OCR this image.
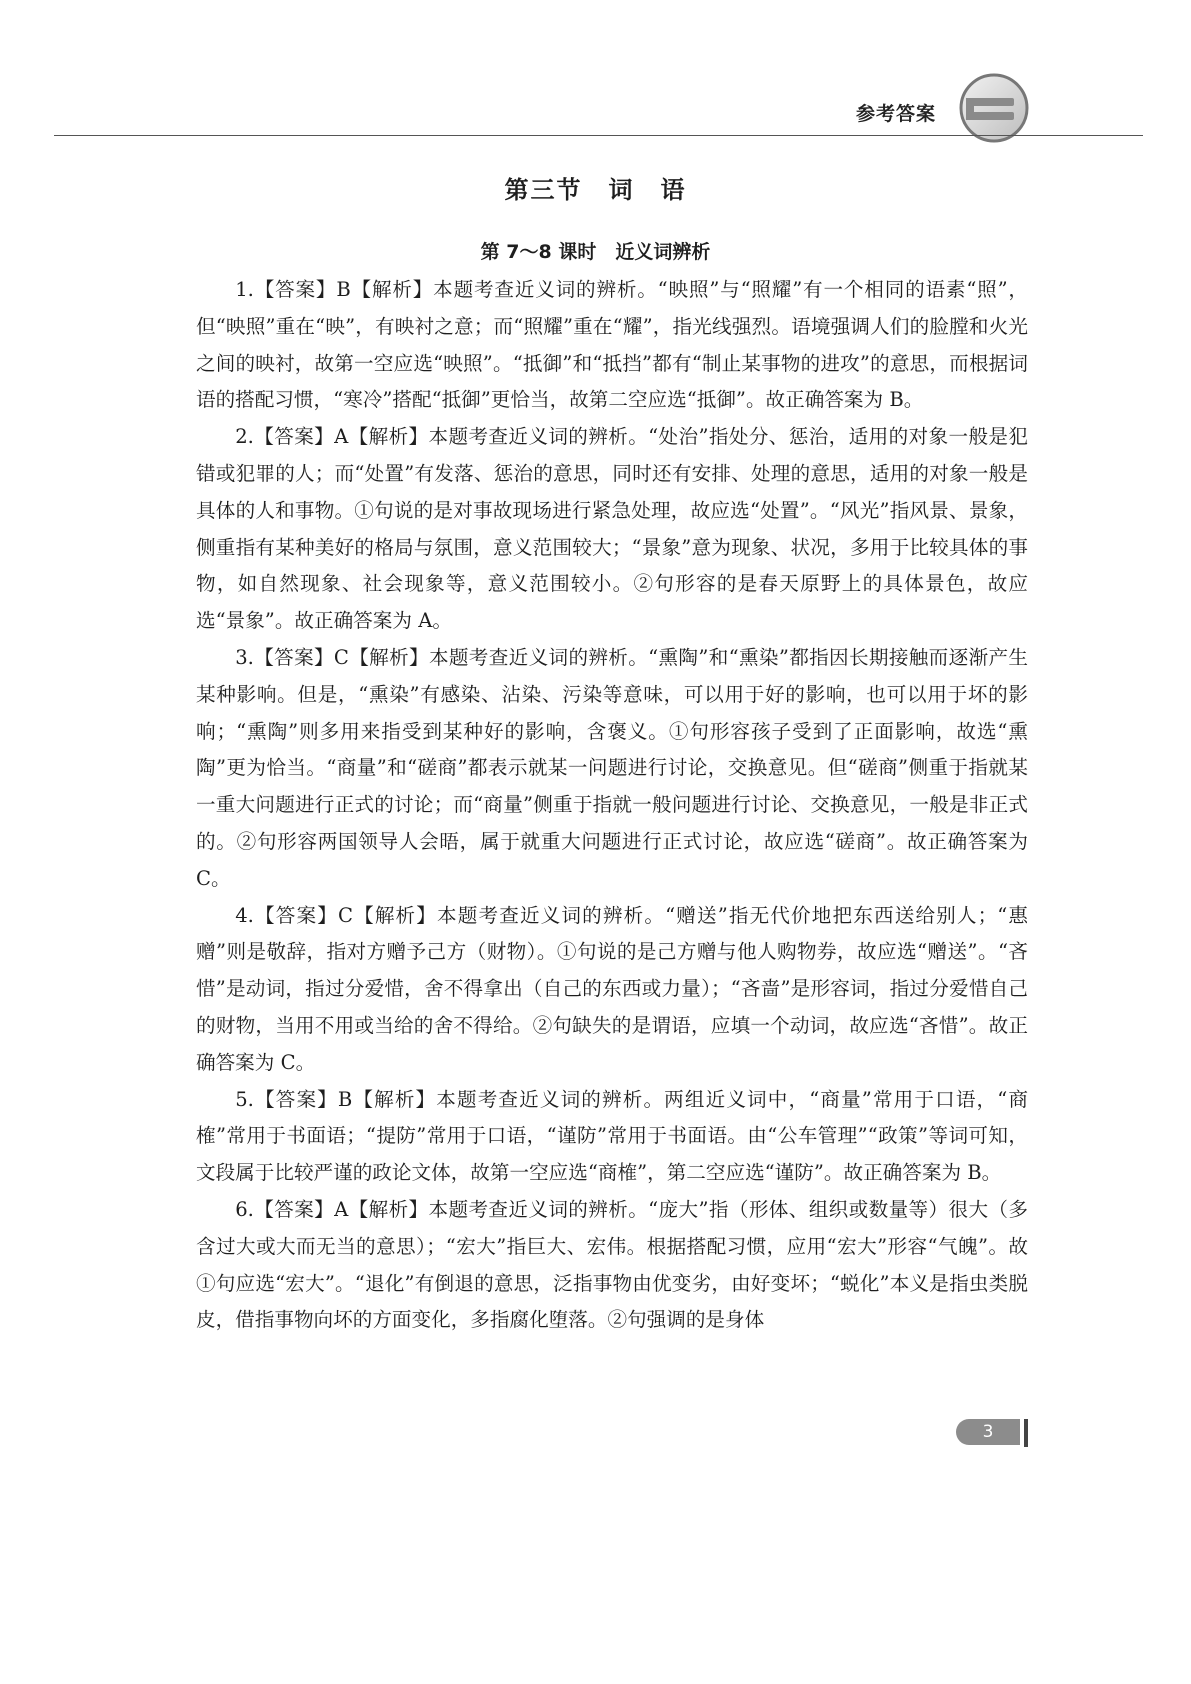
参考答案
第三节　词　语
第 7～8 课时　近义词辨析

1.【答案】B【解析】本题考查近义词的辨析。“映照”与“照耀”有一个相同的语素“照”，但“映照”重在“映”，有映衬之意；而“照耀”重在“耀”，指光线强烈。语境强调人们的脸膛和火光之间的映衬，故第一空应选“映照”。“抵御”和“抵挡”都有“制止某事物的进攻”的意思，而根据词语的搭配习惯，“寒冷”搭配“抵御”更恰当，故第二空应选“抵御”。故正确答案为 B。

2.【答案】A【解析】本题考查近义词的辨析。“处治”指处分、惩治，适用的对象一般是犯错或犯罪的人；而“处置”有发落、惩治的意思，同时还有安排、处理的意思，适用的对象一般是具体的人和事物。①句说的是对事故现场进行紧急处理，故应选“处置”。“风光”指风景、景象，侧重指有某种美好的格局与氛围，意义范围较大；“景象”意为现象、状况，多用于比较具体的事物，如自然现象、社会现象等，意义范围较小。②句形容的是春天原野上的具体景色，故应选“景象”。故正确答案为 A。

3.【答案】C【解析】本题考查近义词的辨析。“熏陶”和“熏染”都指因长期接触而逐渐产生某种影响。但是，“熏染”有感染、沾染、污染等意味，可以用于好的影响，也可以用于坏的影响；“熏陶”则多用来指受到某种好的影响，含褒义。①句形容孩子受到了正面影响，故选“熏陶”更为恰当。“商量”和“磋商”都表示就某一问题进行讨论，交换意见。但“磋商”侧重于指就某一重大问题进行正式的讨论；而“商量”侧重于指就一般问题进行讨论、交换意见，一般是非正式的。②句形容两国领导人会晤，属于就重大问题进行正式讨论，故应选“磋商”。故正确答案为 C。

4.【答案】C【解析】本题考查近义词的辨析。“赠送”指无代价地把东西送给别人；“惠赠”则是敬辞，指对方赠予己方（财物）。①句说的是己方赠与他人购物券，故应选“赠送”。“吝惜”是动词，指过分爱惜，舍不得拿出（自己的东西或力量）；“吝啬”是形容词，指过分爱惜自己的财物，当用不用或当给的舍不得给。②句缺失的是谓语，应填一个动词，故应选“吝惜”。故正确答案为 C。

5.【答案】B【解析】本题考查近义词的辨析。两组近义词中，“商量”常用于口语，“商榷”常用于书面语；“提防”常用于口语，“谨防”常用于书面语。由“公车管理”“政策”等词可知，文段属于比较严谨的政论文体，故第一空应选“商榷”，第二空应选“谨防”。故正确答案为 B。

6.【答案】A【解析】本题考查近义词的辨析。“庞大”指（形体、组织或数量等）很大（多含过大或大而无当的意思）；“宏大”指巨大、宏伟。根据搭配习惯，应用“宏大”形容“气魄”。故①句应选“宏大”。“退化”有倒退的意思，泛指事物由优变劣，由好变坏；“蜕化”本义是指虫类脱皮，借指事物向坏的方面变化，多指腐化堕落。②句强调的是身体

3
